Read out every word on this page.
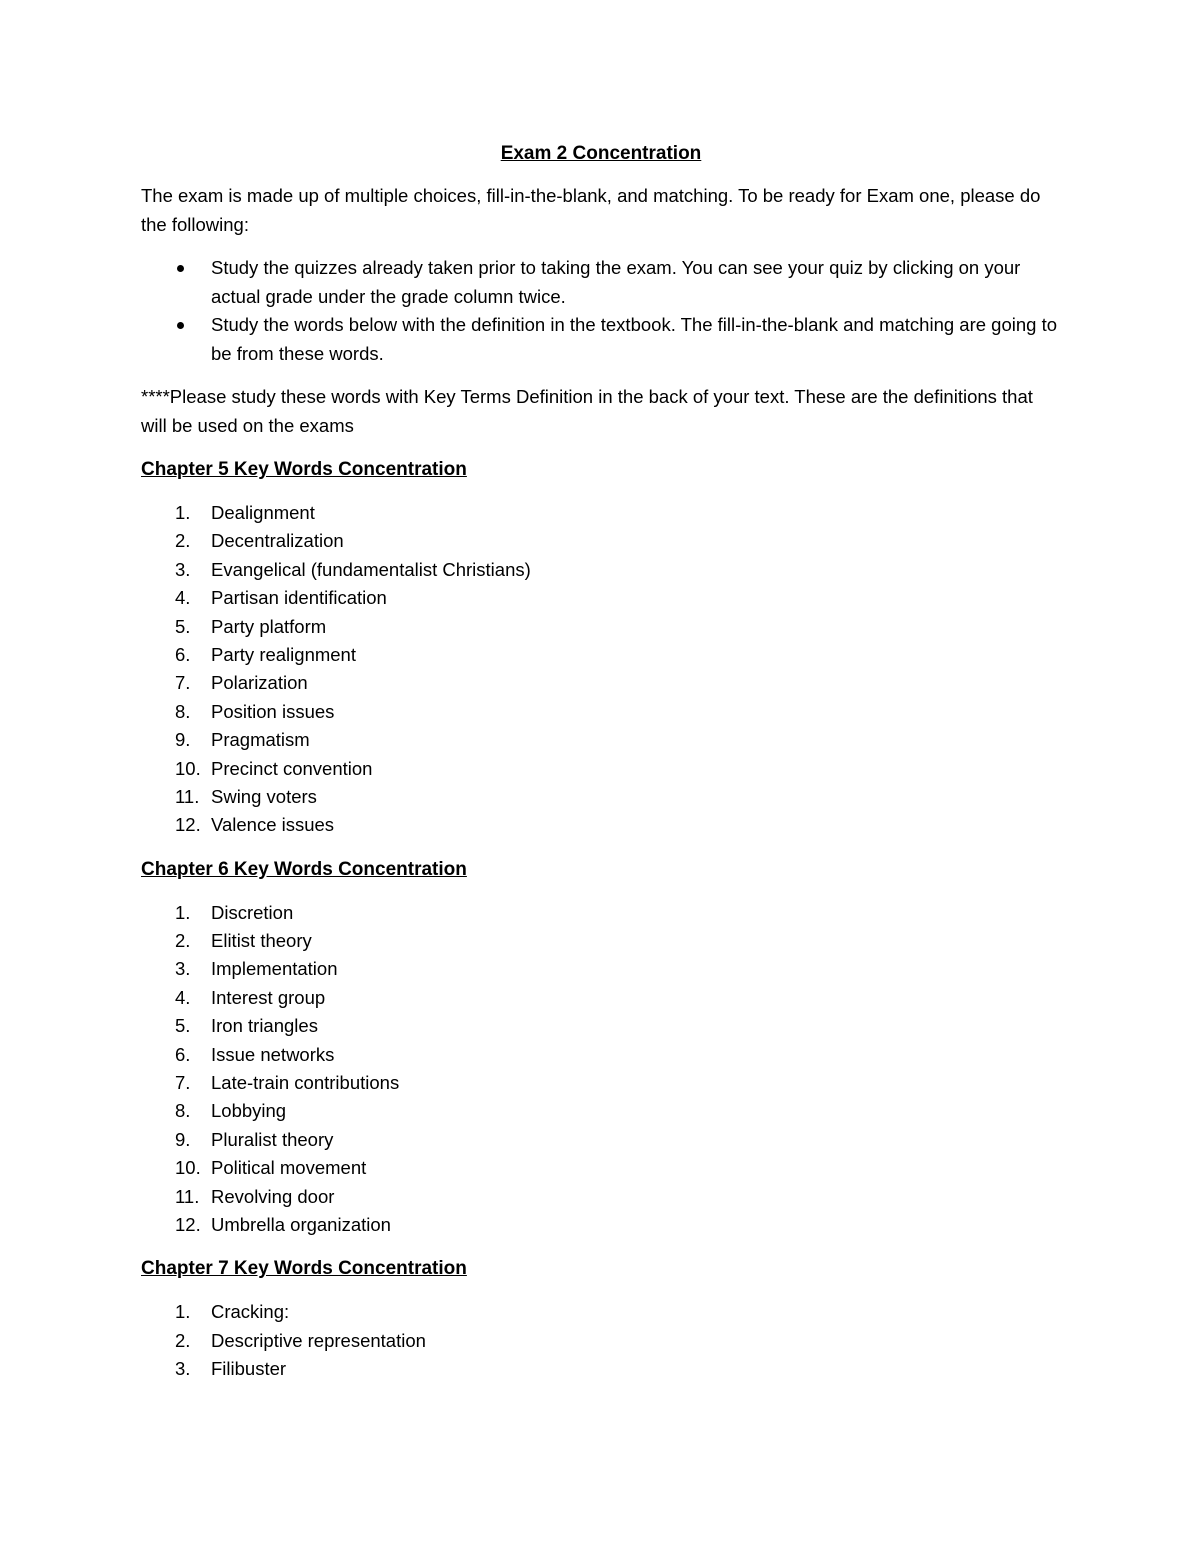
Exam 2 Concentration
The exam is made up of multiple choices, fill-in-the-blank, and matching. To be ready for Exam one, please do the following:
Study the quizzes already taken prior to taking the exam. You can see your quiz by clicking on your actual grade under the grade column twice.
Study the words below with the definition in the textbook. The fill-in-the-blank and matching are going to be from these words.
****Please study these words with Key Terms Definition in the back of your text. These are the definitions that will be used on the exams
Chapter 5 Key Words Concentration
1. Dealignment
2. Decentralization
3. Evangelical (fundamentalist Christians)
4. Partisan identification
5. Party platform
6. Party realignment
7. Polarization
8. Position issues
9. Pragmatism
10. Precinct convention
11. Swing voters
12. Valence issues
Chapter 6 Key Words Concentration
1. Discretion
2. Elitist theory
3. Implementation
4. Interest group
5. Iron triangles
6. Issue networks
7. Late-train contributions
8. Lobbying
9. Pluralist theory
10. Political movement
11. Revolving door
12. Umbrella organization
Chapter 7 Key Words Concentration
1. Cracking:
2. Descriptive representation
3. Filibuster
